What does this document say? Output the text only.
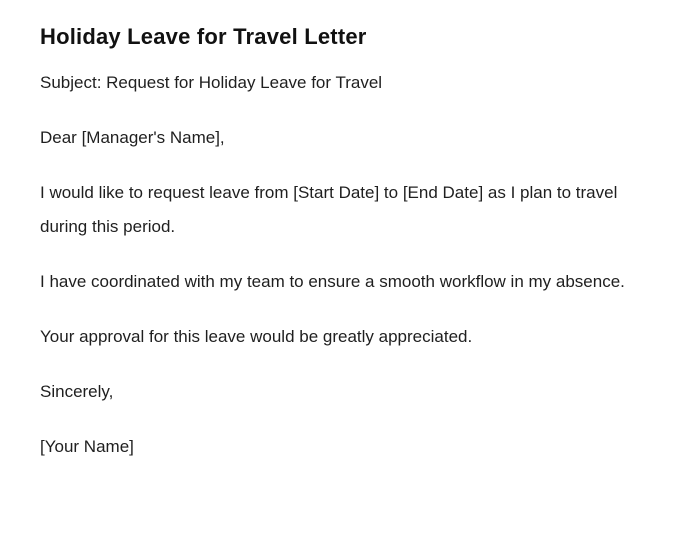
Holiday Leave for Travel Letter

Subject: Request for Holiday Leave for Travel

Dear [Manager's Name],

I would like to request leave from [Start Date] to [End Date] as I plan to travel during this period.

I have coordinated with my team to ensure a smooth workflow in my absence.

Your approval for this leave would be greatly appreciated.

Sincerely,

[Your Name]
